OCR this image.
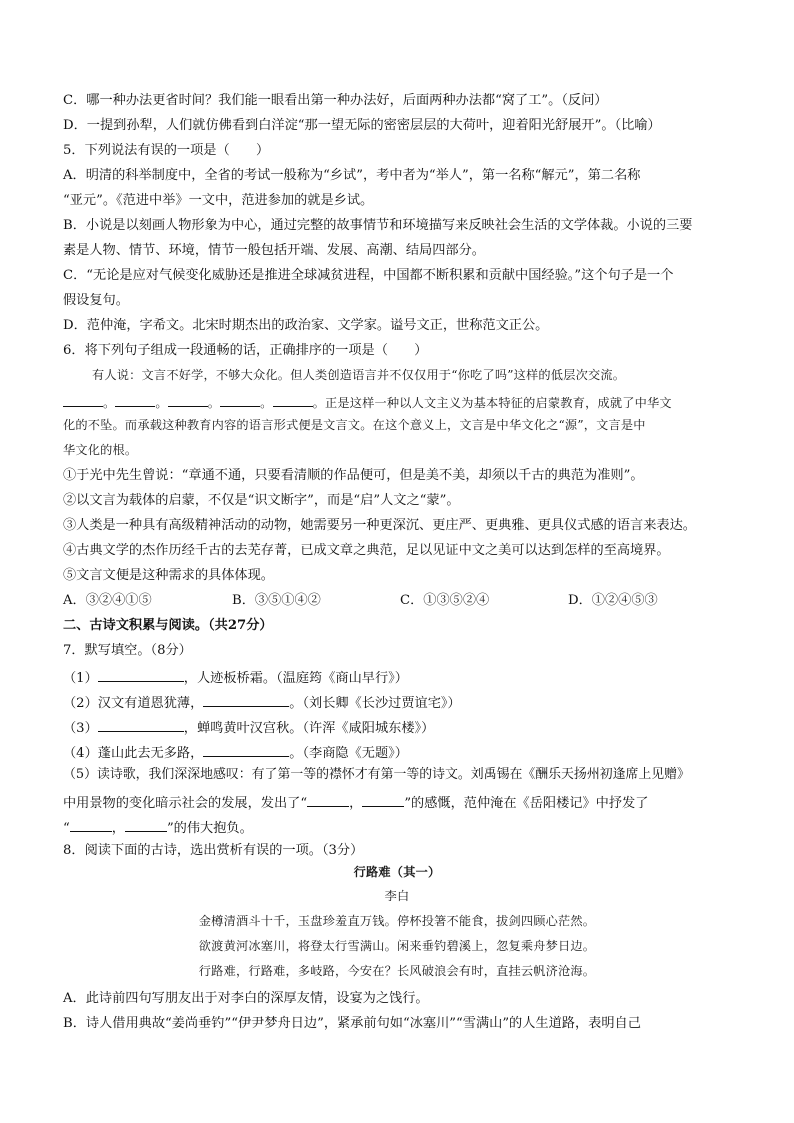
C．哪一种办法更省时间？我们能一眼看出第一种办法好，后面两种办法都“窝了工”。（反问）
D．一提到孙犁，人们就仿佛看到白洋淀“那一望无际的密密层层的大荷叶，迎着阳光舒展开”。（比喻）
5．下列说法有误的一项是（　　）
A．明清的科举制度中，全省的考试一般称为“乡试”，考中者为“举人”，第一名称“解元”，第二名称
“亚元”。《范进中举》一文中，范进参加的就是乡试。
B．小说是以刻画人物形象为中心，通过完整的故事情节和环境描写来反映社会生活的文学体裁。小说的三要
素是人物、情节、环境，情节一般包括开端、发展、高潮、结局四部分。
C．“无论是应对气候变化威胁还是推进全球减贫进程，中国都不断积累和贡献中国经验。”这个句子是一个
假设复句。
D．范仲淹，字希文。北宋时期杰出的政治家、文学家。谥号文正，世称范文正公。
6．将下列句子组成一段通畅的话，正确排序的一项是（　　）
有人说：文言不好学，不够大众化。但人类创造语言并不仅仅用于“你吃了吗”这样的低层次交流。
。	。	。	。	。正是这样一种以人文主义为基本特征的启蒙教育，成就了中华文
化的不坠。而承载这种教育内容的语言形式便是文言文。在这个意义上，文言是中华文化之“源”，文言是中
华文化的根。
①于光中先生曾说：“章通不通，只要看清顺的作品便可，但是美不美，却须以千古的典范为准则”。
②以文言为载体的启蒙，不仅是“识文断字”，而是“启”人文之“蒙”。
③人类是一种具有高级精神活动的动物，她需要另一种更深沉、更庄严、更典雅、更具仪式感的语言来表达。
④古典文学的杰作历经千古的去芜存菁，已成文章之典范，足以见证中文之美可以达到怎样的至高境界。
⑤文言文便是这种需求的具体体现。
A．③②④①⑤	B．③⑤①④②	C．①③⑤②④	D．①②④⑤③
二、古诗文积累与阅读。（共27分）
7．默写填空。（8分）
（1）	，人迹板桥霜。（温庭筠《商山早行》）
（2）汉文有道恩犹薄，	。（刘长卿《长沙过贾谊宅》）
（3）	，蝉鸣黄叶汉宫秋。（许浑《咸阳城东楼》）
（4）蓬山此去无多路，	。（李商隐《无题》）
（5）读诗歌，我们深深地感叹：有了第一等的襟怀才有第一等的诗文。刘禹锡在《酬乐天扬州初逢席上见赠》
中用景物的变化暗示社会的发展，发出了“	，	”的感慨，范仲淹在《岳阳楼记》中抒发了
“	，	”的伟大抱负。
8．阅读下面的古诗，选出赏析有误的一项。（3分）
行路难（其一）
李白
金樽清酒斗十千，玉盘珍羞直万钱。停杯投箸不能食，拔剑四顾心茫然。
欲渡黄河冰塞川，将登太行雪满山。闲来垂钓碧溪上，忽复乘舟梦日边。
行路难，行路难，多岐路，今安在？长风破浪会有时，直挂云帆济沧海。
A．此诗前四句写朋友出于对李白的深厚友情，设宴为之饯行。
B．诗人借用典故“姜尚垂钓”“伊尹梦舟日边”，紧承前句如“冰塞川”“雪满山”的人生道路，表明自己
